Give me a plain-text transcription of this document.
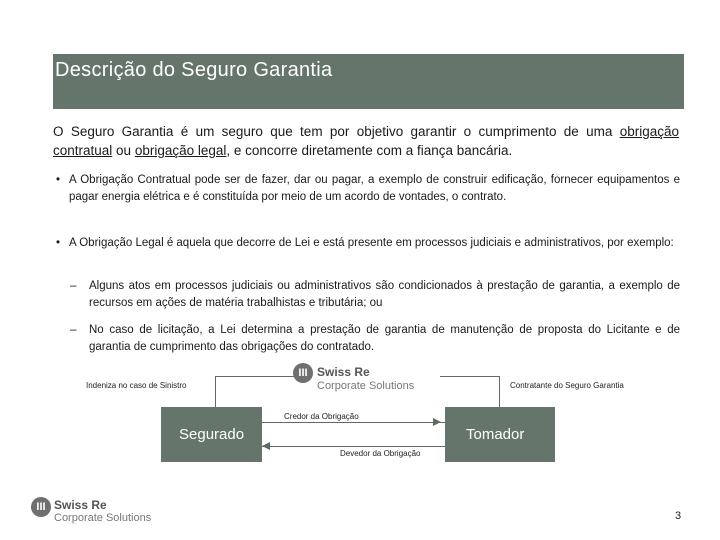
Descrição do Seguro Garantia
O Seguro Garantia é um seguro que tem por objetivo garantir o cumprimento de uma obrigação contratual ou obrigação legal, e concorre diretamente com a fiança bancária.
• A Obrigação Contratual pode ser de fazer, dar ou pagar, a exemplo de construir edificação, fornecer equipamentos e pagar energia elétrica e é constituída por meio de um acordo de vontades, o contrato.
• A Obrigação Legal é aquela que decorre de Lei e está presente em processos judiciais e administrativos, por exemplo:
– Alguns atos em processos judiciais ou administrativos são condicionados à prestação de garantia, a exemplo de recursos em ações de matéria trabalhistas e tributária; ou
– No caso de licitação, a Lei determina a prestação de garantia de manutenção de proposta do Licitante e de garantia de cumprimento das obrigações do contratado.
III Swiss Re
Corporate Solutions
Indeniza no caso de Sinistro	Contratante do Seguro Garantia
Credor da Obrigação
Devedor da Obrigação
Segurado	Tomador
III Swiss Re
Corporate Solutions	3
